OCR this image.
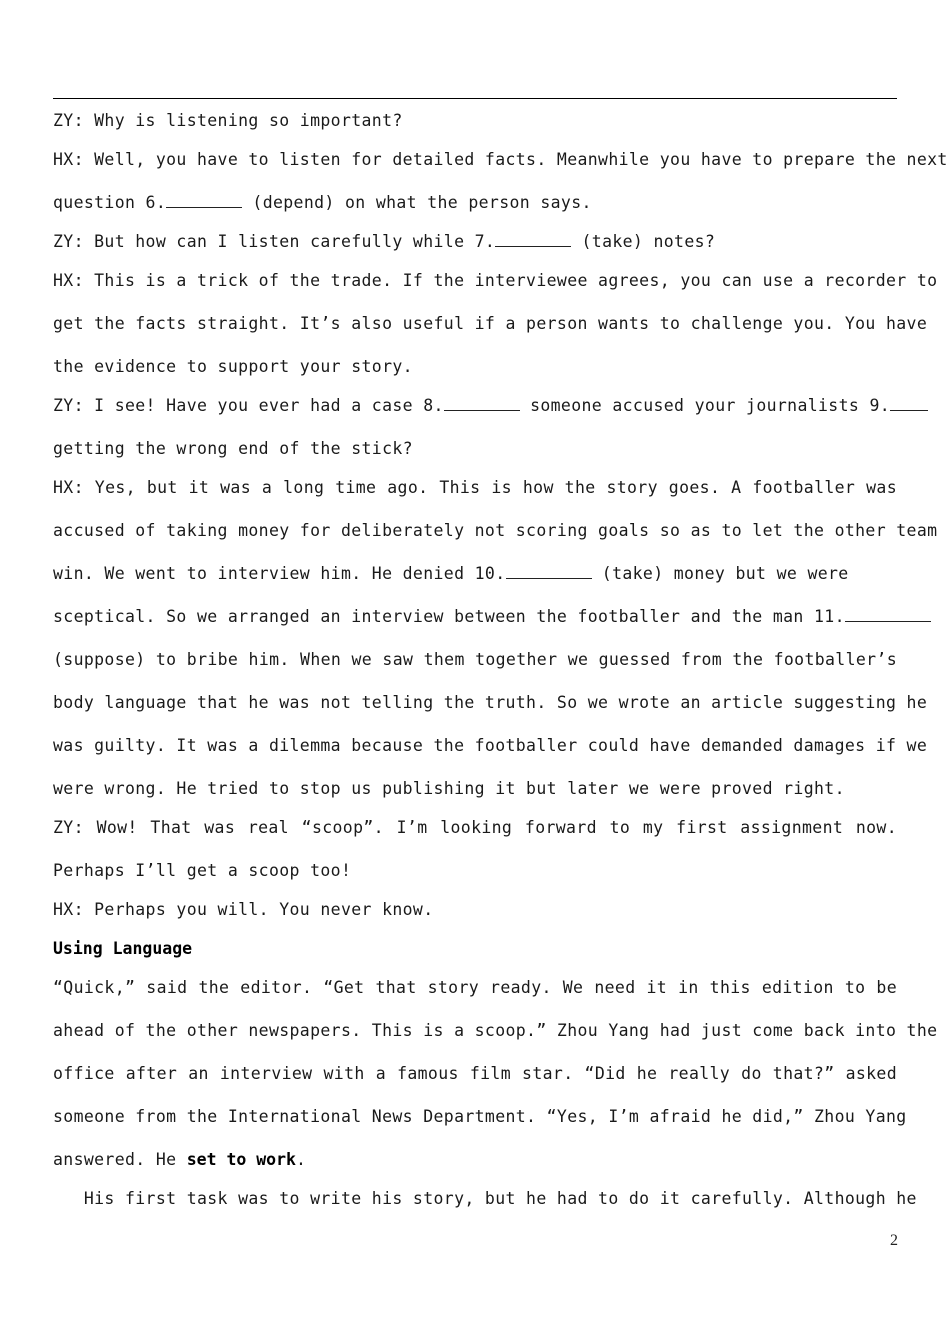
ZY: Why is listening so important?
HX: Well, you have to listen for detailed facts. Meanwhile you have to prepare the next
question 6.	(depend) on what the person says.
ZY: But how can I listen carefully while 7.	(take) notes?
HX: This is a trick of the trade. If the interviewee agrees, you can use a recorder to
get the facts straight. It’s also useful if a person wants to challenge you. You have
the evidence to support your story.
ZY: I see! Have you ever had a case 8.	someone accused your journalists 9.
getting the wrong end of the stick?
HX: Yes, but it was a long time ago. This is how the story goes. A footballer was
accused of taking money for deliberately not scoring goals so as to let the other team
win. We went to interview him. He denied 10.	(take) money but we were
sceptical. So we arranged an interview between the footballer and the man 11.
(suppose) to bribe him. When we saw them together we guessed from the footballer’s
body language that he was not telling the truth. So we wrote an article suggesting he
was guilty. It was a dilemma because the footballer could have demanded damages if we
were wrong. He tried to stop us publishing it but later we were proved right.
ZY: Wow! That was real “scoop”. I’m looking forward to my first assignment now.
Perhaps I’ll get a scoop too!
HX: Perhaps you will. You never know.
Using Language
“Quick,” said the editor. “Get that story ready. We need it in this edition to be
ahead of the other newspapers. This is a scoop.” Zhou Yang had just come back into the
office after an interview with a famous film star. “Did he really do that?” asked
someone from the International News Department. “Yes, I’m afraid he did,” Zhou Yang
answered. He set to work.
His first task was to write his story, but he had to do it carefully. Although he
2
